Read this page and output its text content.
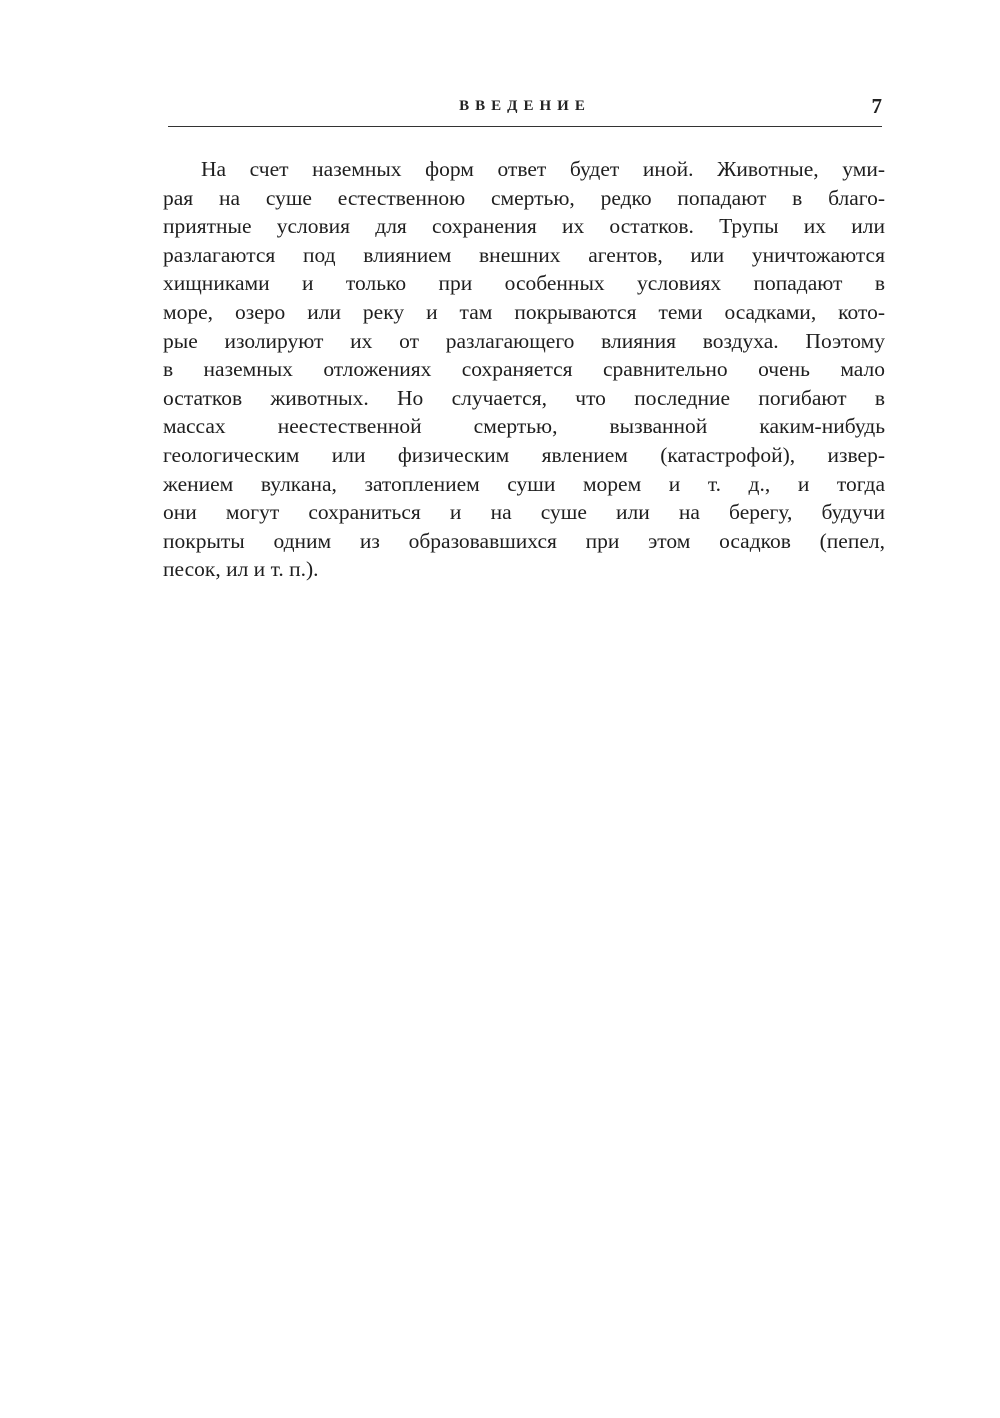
ВВЕДЕНИЕ	7
На счет наземных форм ответ будет иной. Животные, уми-
рая на суше естественною смертью, редко попадают в благо-
приятные условия для сохранения их остатков. Трупы их или
разлагаются под влиянием внешних агентов, или уничтожаются
хищниками и только при особенных условиях попадают в
море, озеро или реку и там покрываются теми осадками, кото-
рые изолируют их от разлагающего влияния воздуха. Поэтому
в наземных отложениях сохраняется сравнительно очень мало
остатков животных. Но случается, что последние погибают в
массах неестественной смертью, вызванной каким-нибудь
геологическим или физическим явлением (катастрофой), извер-
жением вулкана, затоплением суши морем и т. д., и тогда
они могут сохраниться и на суше или на берегу, будучи
покрыты одним из образовавшихся при этом осадков (пепел,
песок, ил и т. п.).
